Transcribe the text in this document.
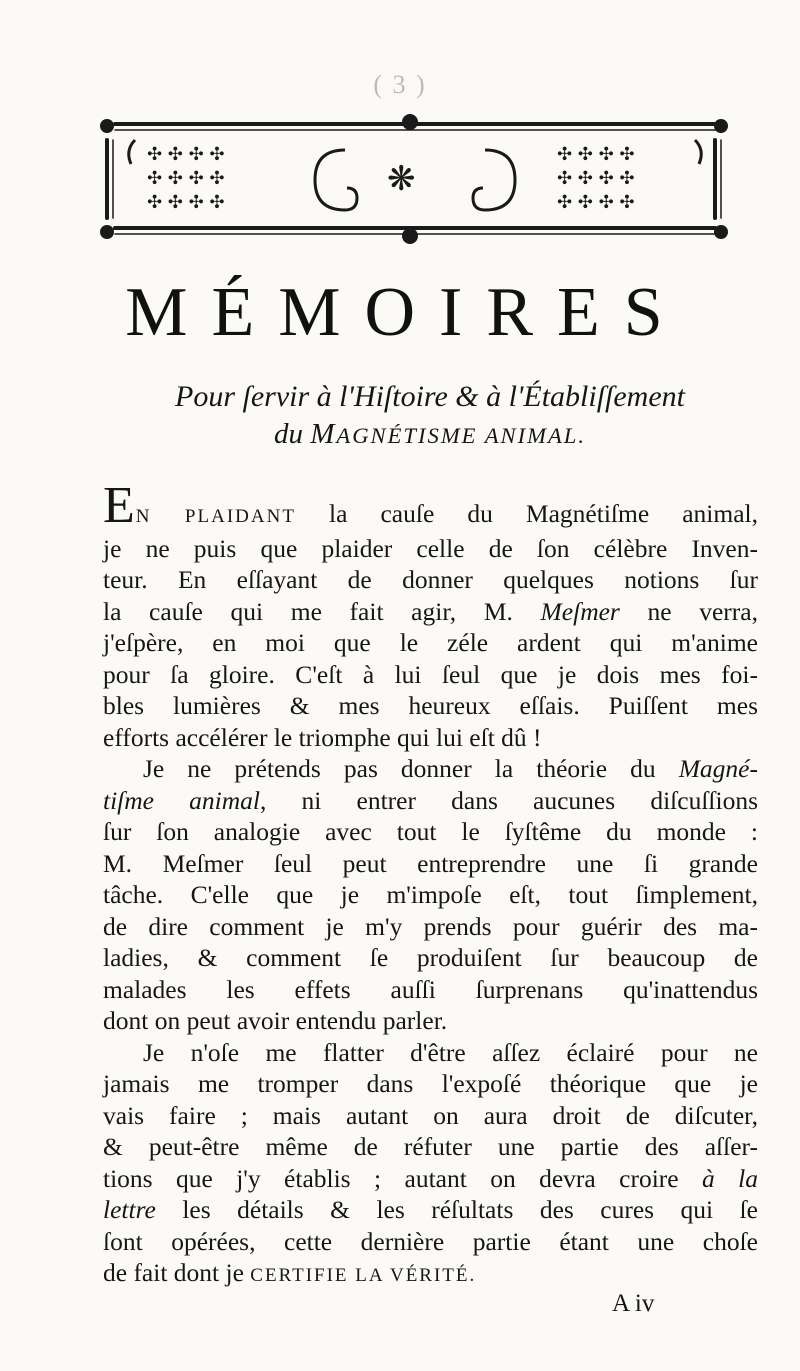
( 3 )
✣ ✣ ✣ ✣
✣ ✣ ✣ ✣
✣ ✣ ✣ ✣
✣ ✣ ✣ ✣
✣ ✣ ✣ ✣
✣ ✣ ✣ ✣
❋
MÉMOIRES
Pour ſervir à l'Hiſtoire & à l'Établiſſement
du MAGNÉTISME ANIMAL.
EN PLAIDANT la cauſe du Magnétiſme animal,
je ne puis que plaider celle de ſon célèbre Inven-
teur. En eſſayant de donner quelques notions ſur
la cauſe qui me fait agir, M. Meſmer ne verra,
j'eſpère, en moi que le zéle ardent qui m'anime
pour ſa gloire. C'eſt à lui ſeul que je dois mes foi-
bles lumières & mes heureux eſſais. Puiſſent mes
efforts accélérer le triomphe qui lui eſt dû !
Je ne prétends pas donner la théorie du Magné-
tiſme animal, ni entrer dans aucunes diſcuſſions
ſur ſon analogie avec tout le ſyſtême du monde :
M. Meſmer ſeul peut entreprendre une ſi grande
tâche. C'elle que je m'impoſe eſt, tout ſimplement,
de dire comment je m'y prends pour guérir des ma-
ladies, & comment ſe produiſent ſur beaucoup de
malades les effets auſſi ſurprenans qu'inattendus
dont on peut avoir entendu parler.
Je n'oſe me flatter d'être aſſez éclairé pour ne
jamais me tromper dans l'expoſé théorique que je
vais faire ; mais autant on aura droit de diſcuter,
& peut-être même de réfuter une partie des aſſer-
tions que j'y établis ; autant on devra croire à la
lettre les détails & les réſultats des cures qui ſe
ſont opérées, cette dernière partie étant une choſe
de fait dont je CERTIFIE LA VÉRITÉ.
A iv
